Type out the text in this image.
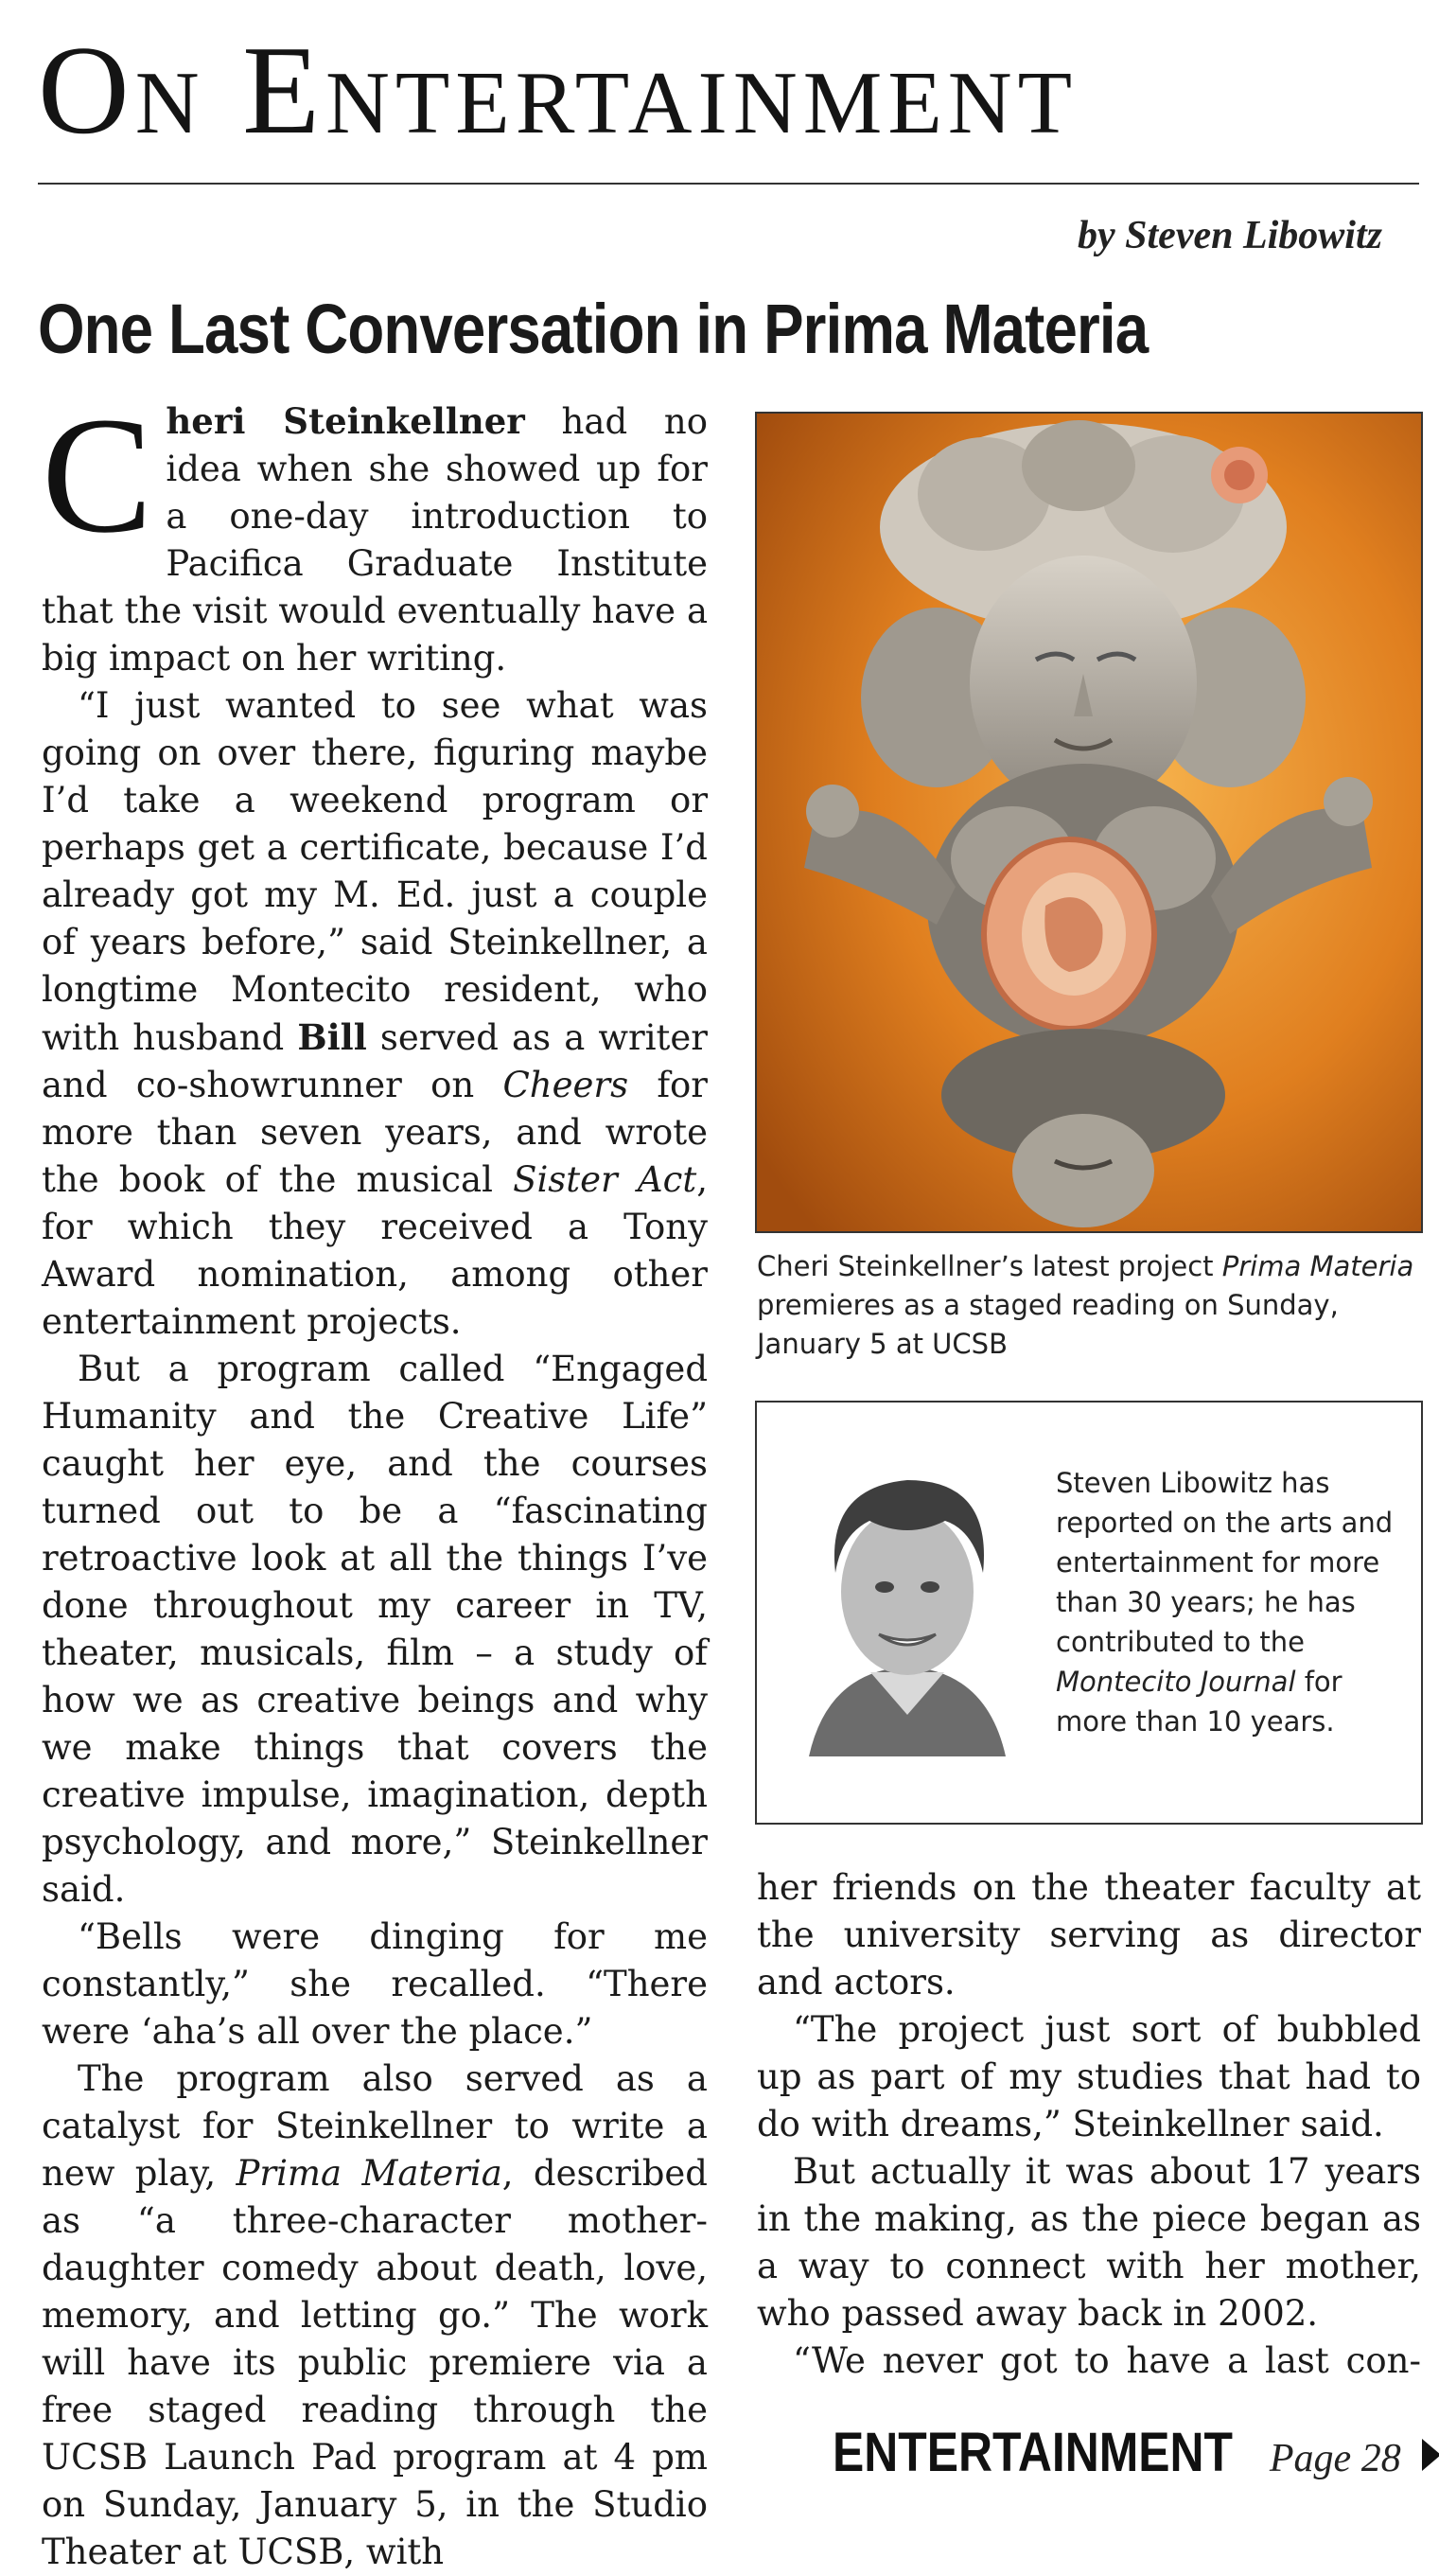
On Entertainment
by Steven Libowitz
One Last Conversation in Prima Materia

Cheri Steinkellner had no idea when she showed up for a one-day introduction to Pacifica Graduate Institute that the visit would eventually have a big impact on her writing.

“I just wanted to see what was going on over there, figuring maybe I’d take a weekend program or perhaps get a certificate, because I’d already got my M. Ed. just a couple of years before,” said Steinkellner, a longtime Montecito resident, who with husband Bill served as a writer and co-showrunner on Cheers for more than seven years, and wrote the book of the musical Sister Act, for which they received a Tony Award nomination, among other entertainment projects.

But a program called “Engaged Humanity and the Creative Life” caught her eye, and the courses turned out to be a “fascinating retroactive look at all the things I’ve done throughout my career in TV, theater, musicals, film – a study of how we as creative beings and why we make things that covers the creative impulse, imagination, depth psychology, and more,” Steinkellner said.

“Bells were dinging for me constantly,” she recalled. “There were ‘aha’s all over the place.”

The program also served as a catalyst for Steinkellner to write a new play, Prima Materia, described as “a three-character mother-daughter comedy about death, love, memory, and letting go.” The work will have its public premiere via a free staged reading through the UCSB Launch Pad program at 4 pm on Sunday, January 5, in the Studio Theater at UCSB, with

Cheri Steinkellner’s latest project Prima Materia premieres as a staged reading on Sunday, January 5 at UCSB
Steven Libowitz has reported on the arts and entertainment for more than 30 years; he has contributed to the Montecito Journal for more than 10 years.

her friends on the theater faculty at the university serving as director and actors.

“The project just sort of bubbled up as part of my studies that had to do with dreams,” Steinkellner said.

But actually it was about 17 years in the making, as the piece began as a way to connect with her mother, who passed away back in 2002.

“We never got to have a last con-

ENTERTAINMENT Page 28
